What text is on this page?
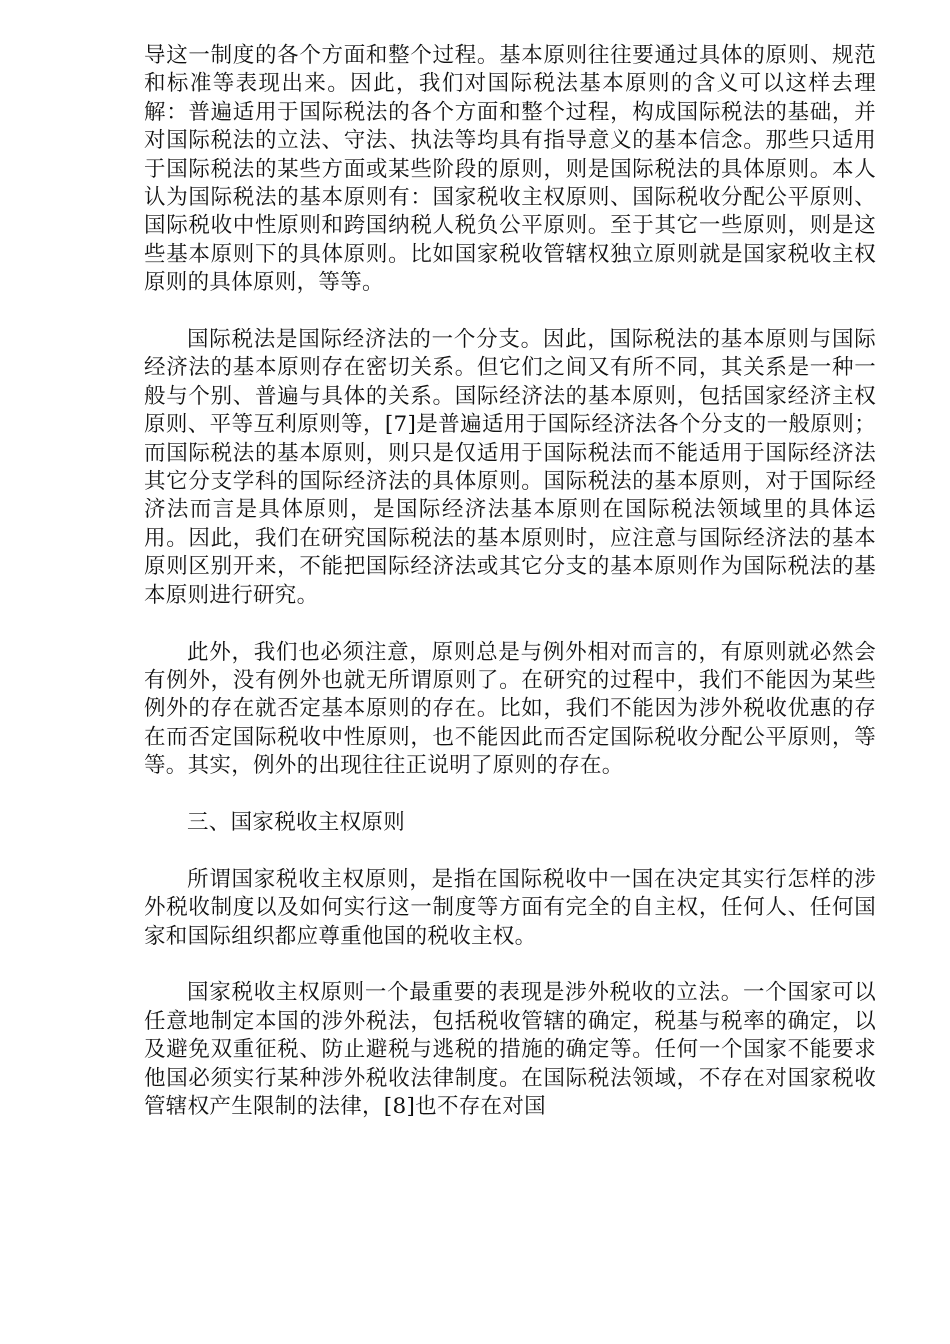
导这一制度的各个方面和整个过程。基本原则往往要通过具体的原则、规范和标准等表现出来。因此，我们对国际税法基本原则的含义可以这样去理解：普遍适用于国际税法的各个方面和整个过程，构成国际税法的基础，并对国际税法的立法、守法、执法等均具有指导意义的基本信念。那些只适用于国际税法的某些方面或某些阶段的原则，则是国际税法的具体原则。本人认为国际税法的基本原则有：国家税收主权原则、国际税收分配公平原则、国际税收中性原则和跨国纳税人税负公平原则。至于其它一些原则，则是这些基本原则下的具体原则。比如国家税收管辖权独立原则就是国家税收主权原则的具体原则，等等。

国际税法是国际经济法的一个分支。因此，国际税法的基本原则与国际经济法的基本原则存在密切关系。但它们之间又有所不同，其关系是一种一般与个别、普遍与具体的关系。国际经济法的基本原则，包括国家经济主权原则、平等互利原则等，[7]是普遍适用于国际经济法各个分支的一般原则；而国际税法的基本原则，则只是仅适用于国际税法而不能适用于国际经济法其它分支学科的国际经济法的具体原则。国际税法的基本原则，对于国际经济法而言是具体原则，是国际经济法基本原则在国际税法领域里的具体运用。因此，我们在研究国际税法的基本原则时，应注意与国际经济法的基本原则区别开来，不能把国际经济法或其它分支的基本原则作为国际税法的基本原则进行研究。

此外，我们也必须注意，原则总是与例外相对而言的，有原则就必然会有例外，没有例外也就无所谓原则了。在研究的过程中，我们不能因为某些例外的存在就否定基本原则的存在。比如，我们不能因为涉外税收优惠的存在而否定国际税收中性原则，也不能因此而否定国际税收分配公平原则，等等。其实，例外的出现往往正说明了原则的存在。

三、国家税收主权原则

所谓国家税收主权原则，是指在国际税收中一国在决定其实行怎样的涉外税收制度以及如何实行这一制度等方面有完全的自主权，任何人、任何国家和国际组织都应尊重他国的税收主权。

国家税收主权原则一个最重要的表现是涉外税收的立法。一个国家可以任意地制定本国的涉外税法，包括税收管辖的确定，税基与税率的确定，以及避免双重征税、防止避税与逃税的措施的确定等。任何一个国家不能要求他国必须实行某种涉外税收法律制度。在国际税法领域，不存在对国家税收管辖权产生限制的法律，[8]也不存在对国
